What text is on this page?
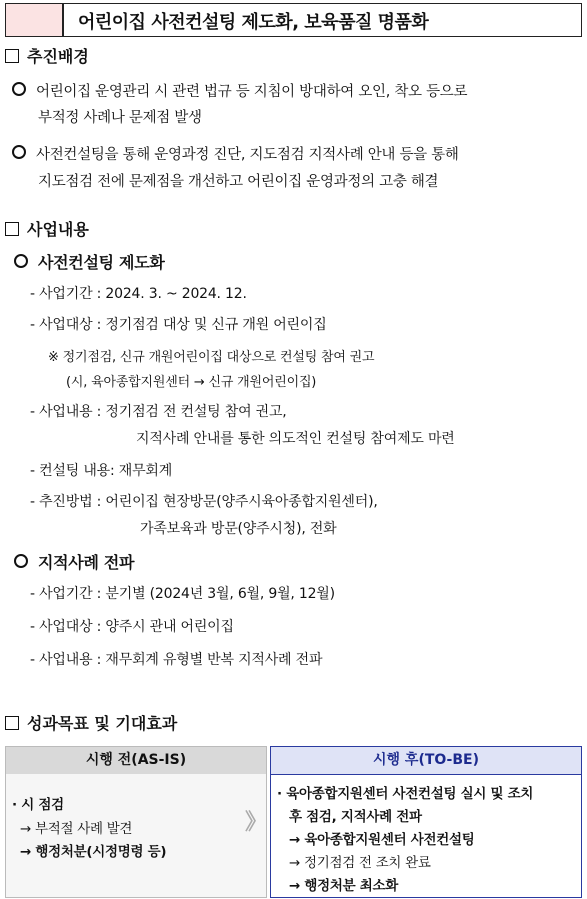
어린이집 사전컨설팅 제도화, 보육품질 명품화
추진배경
어린이집 운영관리 시 관련 법규 등 지침이 방대하여 오인, 착오 등으로
부적정 사례나 문제점 발생
사전컨설팅을 통해 운영과정 진단, 지도점검 지적사례 안내 등을 통해
지도점검 전에 문제점을 개선하고 어린이집 운영과정의 고충 해결
사업내용
사전컨설팅 제도화
- 사업기간 : 2024. 3. ~ 2024. 12.
- 사업대상 : 정기점검 대상 및 신규 개원 어린이집
※ 정기점검, 신규 개원어린이집 대상으로 컨설팅 참여 권고
(시, 육아종합지원센터 → 신규 개원어린이집)
- 사업내용 : 정기점검 전 컨설팅 참여 권고,
지적사례 안내를 통한 의도적인 컨설팅 참여제도 마련
- 컨설팅 내용: 재무회계
- 추진방법 : 어린이집 현장방문(양주시육아종합지원센터),
가족보육과 방문(양주시청), 전화
지적사례 전파
- 사업기간 : 분기별 (2024년 3월, 6월, 9월, 12월)
- 사업대상 : 양주시 관내 어린이집
- 사업내용 : 재무회계 유형별 반복 지적사례 전파
성과목표 및 기대효과
시행 전(AS-IS)
· 시 점검
→ 부적절 사례 발견
→ 행정처분(시정명령 등)
》
시행 후(TO-BE)
· 육아종합지원센터 사전컨설팅 실시 및 조치
후 점검, 지적사례 전파
→ 육아종합지원센터 사전컨설팅
→ 정기점검 전 조치 완료
→ 행정처분 최소화
